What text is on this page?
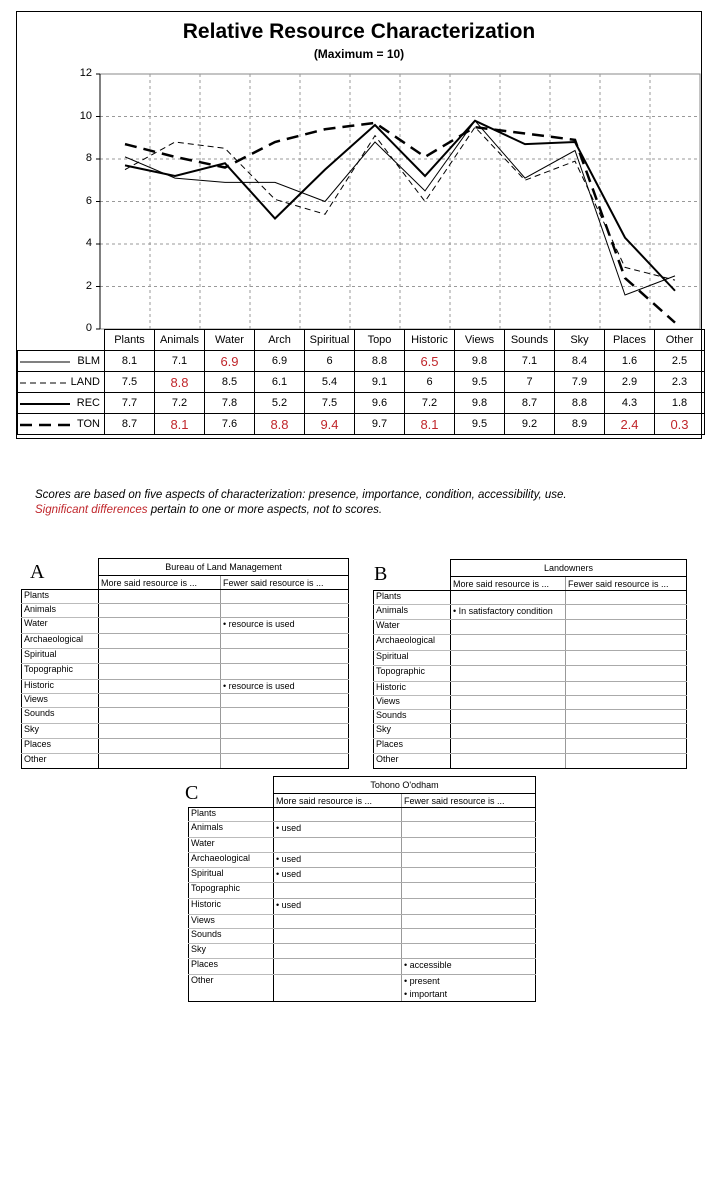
Relative Resource Characterization
(Maximum = 10)
0
2
4
6
8
10
12
	Plants	Animals	Water	Arch	Spiritual	Topo	Historic	Views	Sounds	Sky	Places	Other

BLM	8.1	7.1	6.9	6.9	6	8.8	6.5	9.8	7.1	8.4	1.6	2.5

LAND	7.5	8.8	8.5	6.1	5.4	9.1	6	9.5	7	7.9	2.9	2.3

REC	7.7	7.2	7.8	5.2	7.5	9.6	7.2	9.8	8.7	8.8	4.3	1.8

TON	8.7	8.1	7.6	8.8	9.4	9.7	8.1	9.5	9.2	8.9	2.4	0.3
Scores are based on five aspects of characterization: presence, importance, condition, accessibility, use.
Significant differences pertain to one or more aspects, not to scores.
A
		Bureau of Land Management	
	More said resource is ...	Fewer said resource is ...
Plants		
Animals		
Water		• resource is used

Archaeological		
Spiritual		
Topographic		
Historic		• resource is used

Views		
Sounds		
Sky		
Places		
Other		
B
		Landowners	
	More said resource is ...	Fewer said resource is ...
Plants		
Animals	• In satisfactory condition	

Water		
Archaeological		
Spiritual		
Topographic		
Historic		
Views		
Sounds		
Sky		
Places		
Other		
C
		Tohono O'odham	
	More said resource is ...	Fewer said resource is ...
Plants		
Animals	• used	

Water		
Archaeological	• used	

Spiritual	• used	

Topographic		
Historic	• used	

Views		
Sounds		
Sky		
Places		• accessible

Other		• present
• important
